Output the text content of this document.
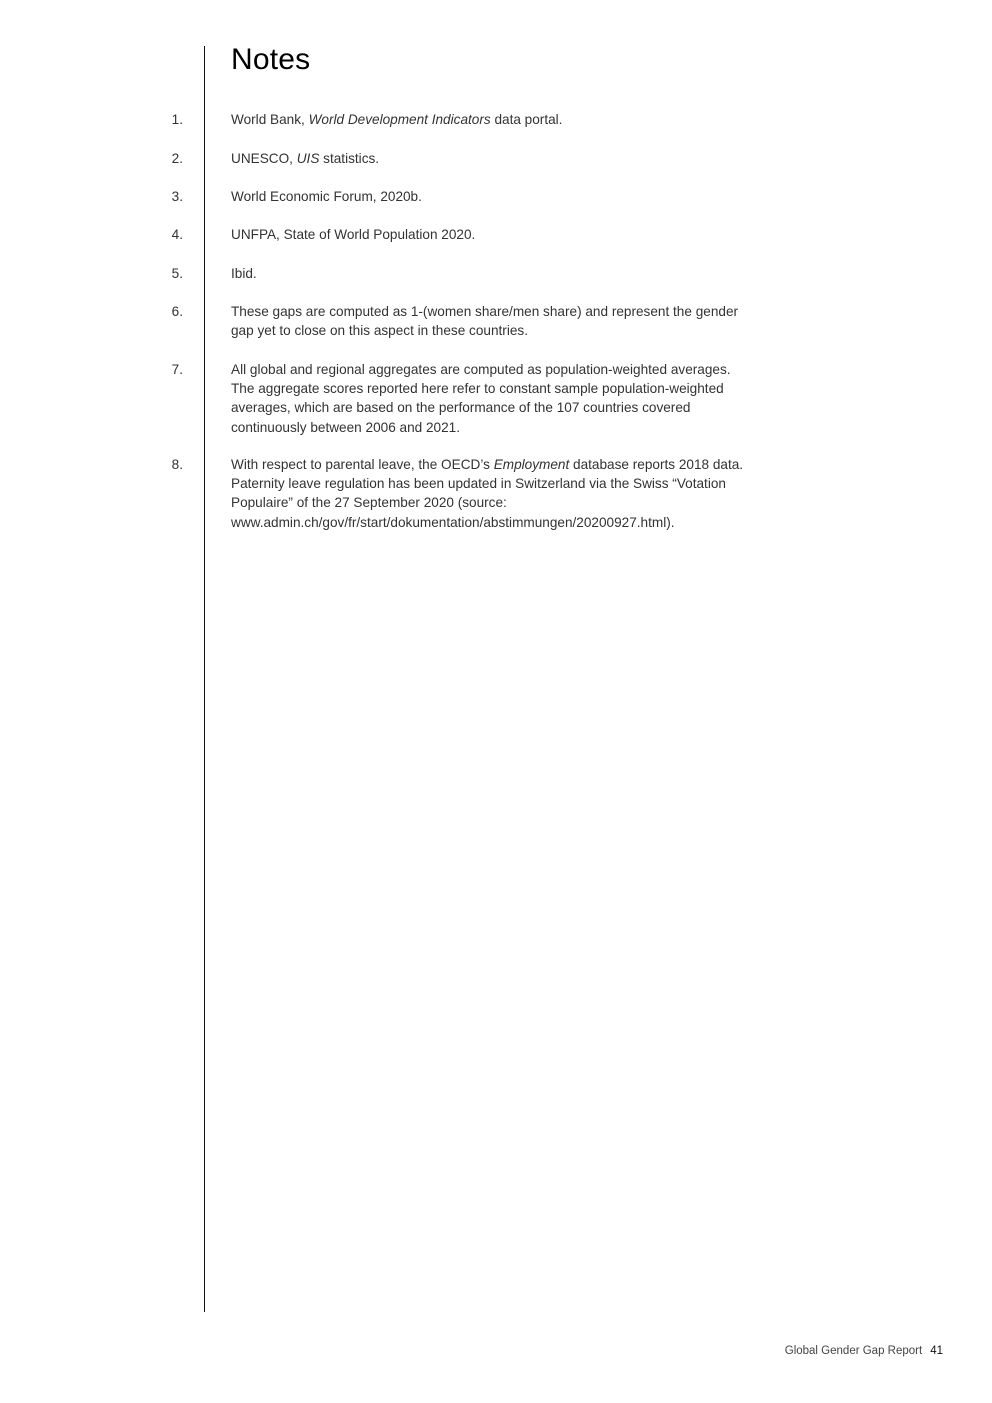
Notes
1.	World Bank, World Development Indicators data portal.
2.	UNESCO, UIS statistics.
3.	World Economic Forum, 2020b.
4.	UNFPA, State of World Population 2020.
5.	Ibid.
6.	These gaps are computed as 1-(women share/men share) and represent the gender gap yet to close on this aspect in these countries.
7.	All global and regional aggregates are computed as population-weighted averages. The aggregate scores reported here refer to constant sample population-weighted averages, which are based on the performance of the 107 countries covered continuously between 2006 and 2021.
8.	With respect to parental leave, the OECD’s Employment database reports 2018 data. Paternity leave regulation has been updated in Switzerland via the Swiss “Votation Populaire” of the 27 September 2020 (source: www.admin.ch/gov/fr/start/dokumentation/abstimmungen/20200927.html).
Global Gender Gap Report 41
